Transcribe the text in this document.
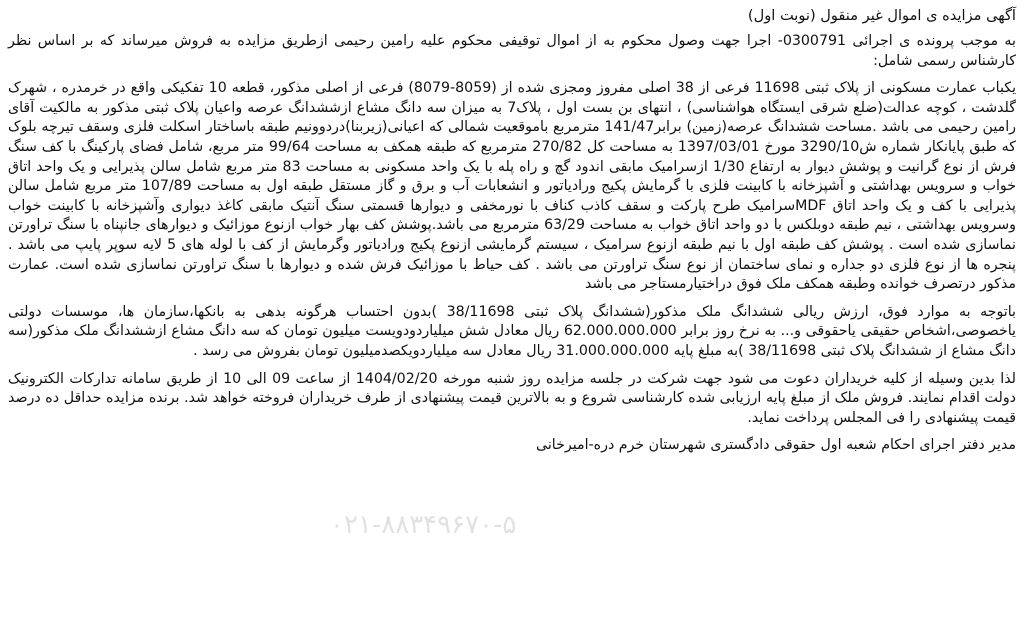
آگهی مزایده ی اموال غیر منقول (نوبت اول)
به موجب پرونده ی اجرائی 0300791- اجرا جهت وصول محکوم به از اموال توقیفی محکوم علیه رامین رحیمی ازطریق مزایده به فروش میرساند که بر اساس نظر کارشناس رسمی شامل:
یکباب عمارت مسکونی از پلاک ثبتی 11698 فرعی از 38 اصلی مفروز ومجزی شده از (8059-8079) فرعی از اصلی مذکور، قطعه 10 تفکیکی واقع در خرمدره ، شهرک گلدشت ، کوچه عدالت(ضلع شرقی ایستگاه هواشناسی) ، انتهای بن بست اول ، پلاک7 به میزان سه دانگ مشاع ازششدانگ عرصه واعیان پلاک ثبتی مذکور به مالکیت آقای رامین رحیمی می باشد .مساحت ششدانگ عرصه(زمین) برابر141/47 مترمربع باموقعیت شمالی که اعیانی(زیربنا)دردوونیم طبقه باساختار اسکلت فلزی وسقف تیرچه بلوک که طبق پایانکار شماره ش3290/10 مورخ 1397/03/01 به مساحت کل 270/82 مترمربع که طبقه همکف به مساحت 99/64 متر مربع، شامل فضای پارکینگ با کف سنگ فرش از نوع گرانیت و پوشش دیوار به ارتفاع 1/30 ازسرامیک مابقی اندود گچ و راه پله با یک واحد مسکونی به مساحت 83 متر مربع شامل سالن پذیرایی و یک واحد اتاق خواب و سرویس بهداشتی و آشپزخانه با کابینت فلزی با گرمایش پکیج ورادیاتور و انشعابات آب و برق و گاز مستقل طبقه اول به مساحت 107/89 متر مربع شامل سالن پذیرایی با کف و یک واحد اتاق MDFسرامیک طرح پارکت و سقف کاذب کناف با نورمخفی و دیوارها قسمتی سنگ آنتیک مابقی کاغذ دیواری وآشپزخانه با کابینت خواب وسرویس بهداشتی ، نیم طبقه دوبلکس با دو واحد اتاق خواب به مساحت 63/29 مترمربع می باشد.پوشش کف بهار خواب ازنوع موزائیک و دیوارهای جانپناه با سنگ تراورتن نماسازی شده است . پوشش کف طبقه اول با نیم طبقه ازنوع سرامیک ، سیستم گرمایشی ازنوع پکیج ورادیاتور وگرمایش از کف با لوله های 5 لایه سوپر پایپ می باشد . پنجره ها از نوع فلزی دو جداره و نمای ساختمان از نوع سنگ تراورتن می باشد . کف حیاط با موزائیک فرش شده و دیوارها با سنگ تراورتن نماسازی شده است. عمارت مذکور درتصرف خوانده وطبقه همکف ملک فوق دراختیارمستاجر می باشد
باتوجه به موارد فوق، ارزش ریالی ششدانگ ملک مذکور(ششدانگ پلاک ثبتی 38/11698 )بدون احتساب هرگونه بدهی به بانکها،سازمان ها، موسسات دولتی یاخصوصی،اشخاص حقیقی یاحقوقی و... به نرخ روز برابر 62.000.000.000 ریال معادل شش میلیاردودویست میلیون تومان که سه دانگ مشاع ازششدانگ ملک مذکور(سه دانگ مشاع از ششدانگ پلاک ثبتی 38/11698 )به مبلغ پایه 31.000.000.000 ریال معادل سه میلیاردویکصدمیلیون تومان بفروش می رسد .
لذا بدین وسیله از کلیه خریداران دعوت می شود جهت شرکت در جلسه مزایده روز شنبه مورخه 1404/02/20 از ساعت 09 الی 10 از طریق سامانه تدارکات الکترونیک دولت اقدام نمایند. فروش ملک از مبلغ پایه ارزیابی شده کارشناسی شروع و به بالاترین قیمت پیشنهادی از طرف خریداران فروخته خواهد شد. برنده مزایده حداقل ده درصد قیمت پیشنهادی را فی المجلس پرداخت نماید.
مدیر دفتر اجرای احکام شعبه اول حقوقی دادگستری شهرستان خرم دره-امیرخانی
۰۲۱-۸۸۳۴۹۶۷۰-۵
